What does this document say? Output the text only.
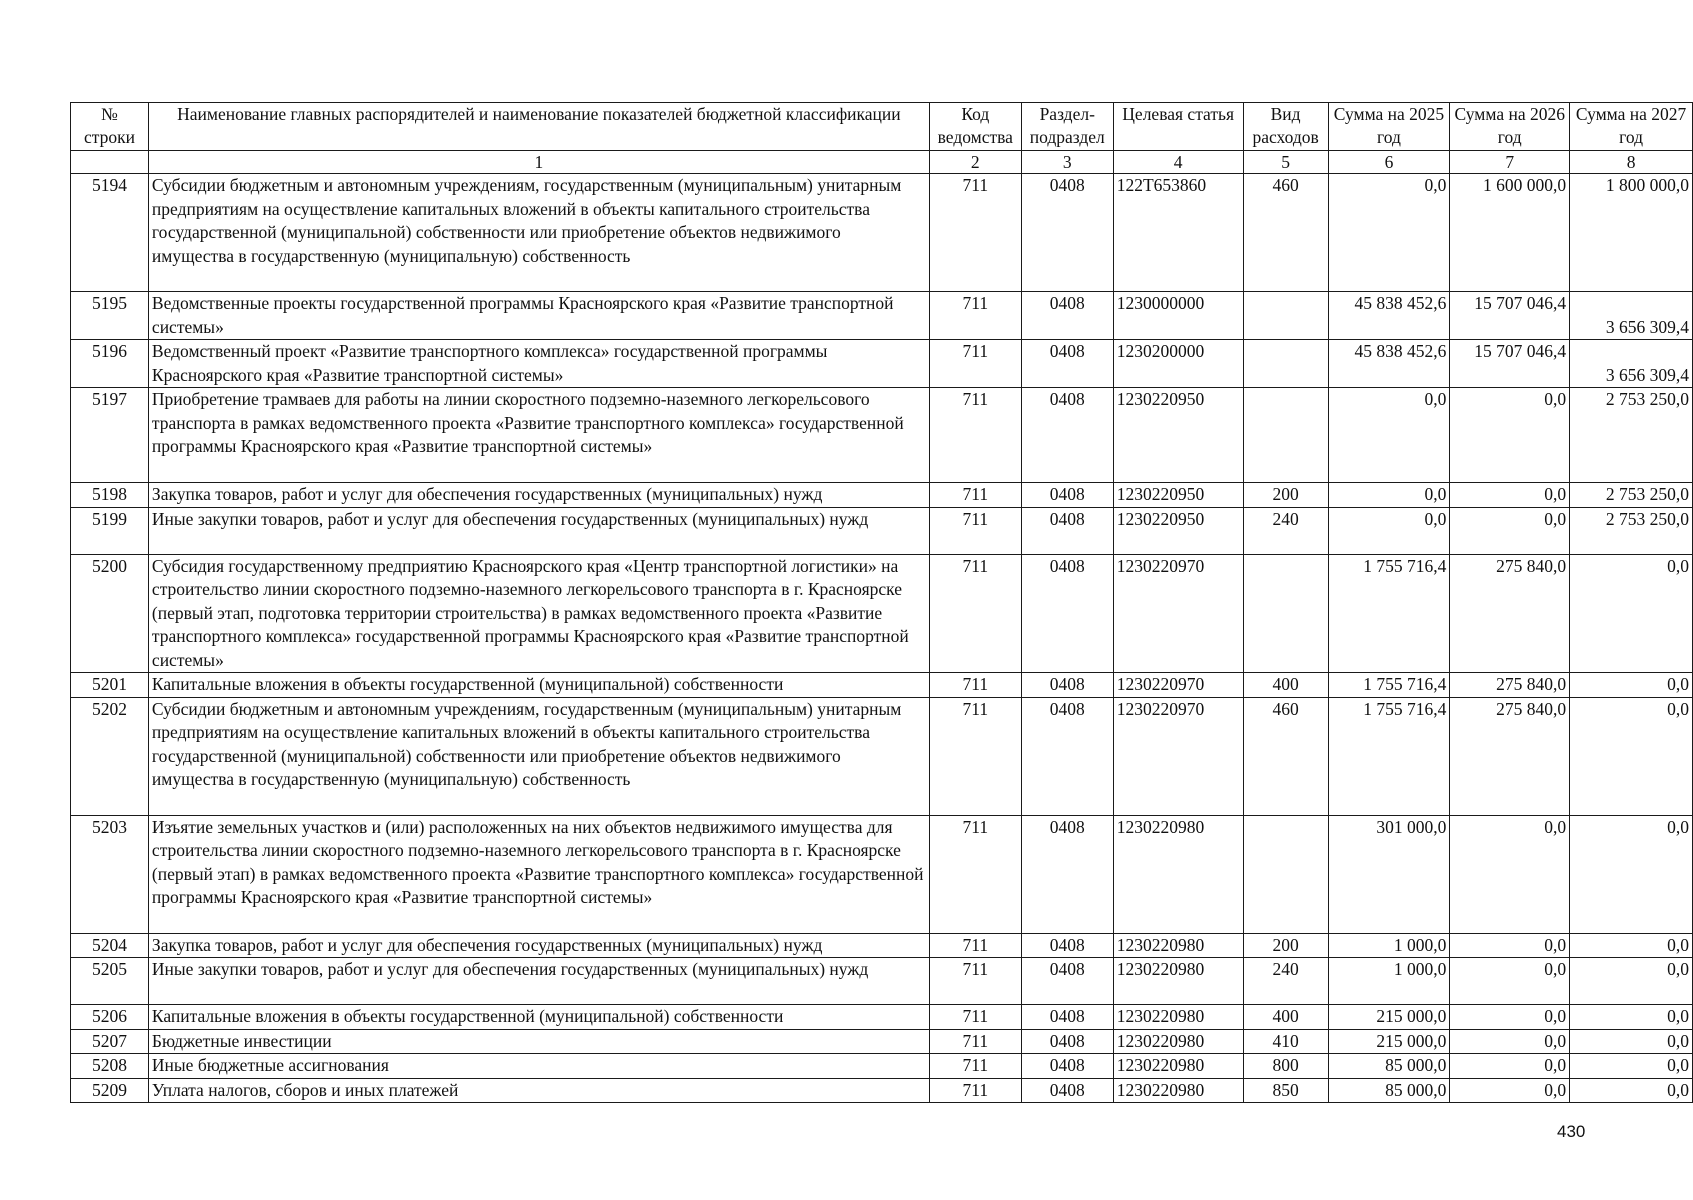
№ строки	Наименование главных распорядителей и наименование показателей бюджетной классификации	Код ведомства	Раздел-подраздел	Целевая статья	Вид расходов	Сумма на 2025 год	Сумма на 2026 год	Сумма на 2027 год
	1	2	3	4	5	6	7	8
5194	Субсидии бюджетным и автономным учреждениям, государственным (муниципальным) унитарным предприятиям на осуществление капитальных вложений в объекты капитального строительства государственной (муниципальной) собственности или приобретение объектов недвижимого имущества в государственную (муниципальную) собственность	711	0408	122Т653860	460	0,0	1 600 000,0	1 800 000,0
5195	Ведомственные проекты государственной программы Красноярского края «Развитие транспортной системы»	711	0408	1230000000		45 838 452,6	15 707 046,4	3 656 309,4
5196	Ведомственный проект «Развитие транспортного комплекса» государственной программы Красноярского края «Развитие транспортной системы»	711	0408	1230200000		45 838 452,6	15 707 046,4	3 656 309,4
5197	Приобретение трамваев для работы на линии скоростного подземно-наземного легкорельсового транспорта в рамках ведомственного проекта «Развитие транспортного комплекса» государственной программы Красноярского края «Развитие транспортной системы»	711	0408	1230220950		0,0	0,0	2 753 250,0
5198	Закупка товаров, работ и услуг для обеспечения государственных (муниципальных) нужд	711	0408	1230220950	200	0,0	0,0	2 753 250,0
5199	Иные закупки товаров, работ и услуг для обеспечения государственных (муниципальных) нужд	711	0408	1230220950	240	0,0	0,0	2 753 250,0
5200	Субсидия государственному предприятию Красноярского края «Центр транспортной логистики» на строительство линии скоростного подземно-наземного легкорельсового транспорта в г. Красноярске (первый этап, подготовка территории строительства) в рамках ведомственного проекта «Развитие транспортного комплекса» государственной программы Красноярского края «Развитие транспортной системы»	711	0408	1230220970		1 755 716,4	275 840,0	0,0
5201	Капитальные вложения в объекты государственной (муниципальной) собственности	711	0408	1230220970	400	1 755 716,4	275 840,0	0,0
5202	Субсидии бюджетным и автономным учреждениям, государственным (муниципальным) унитарным предприятиям на осуществление капитальных вложений в объекты капитального строительства государственной (муниципальной) собственности или приобретение объектов недвижимого имущества в государственную (муниципальную) собственность	711	0408	1230220970	460	1 755 716,4	275 840,0	0,0
5203	Изъятие земельных участков и (или) расположенных на них объектов недвижимого имущества для строительства линии скоростного подземно-наземного легкорельсового транспорта в г. Красноярске (первый этап) в рамках ведомственного проекта «Развитие транспортного комплекса» государственной программы Красноярского края «Развитие транспортной системы»	711	0408	1230220980		301 000,0	0,0	0,0
5204	Закупка товаров, работ и услуг для обеспечения государственных (муниципальных) нужд	711	0408	1230220980	200	1 000,0	0,0	0,0
5205	Иные закупки товаров, работ и услуг для обеспечения государственных (муниципальных) нужд	711	0408	1230220980	240	1 000,0	0,0	0,0
5206	Капитальные вложения в объекты государственной (муниципальной) собственности	711	0408	1230220980	400	215 000,0	0,0	0,0
5207	Бюджетные инвестиции	711	0408	1230220980	410	215 000,0	0,0	0,0
5208	Иные бюджетные ассигнования	711	0408	1230220980	800	85 000,0	0,0	0,0
5209	Уплата налогов, сборов и иных платежей	711	0408	1230220980	850	85 000,0	0,0	0,0
430
